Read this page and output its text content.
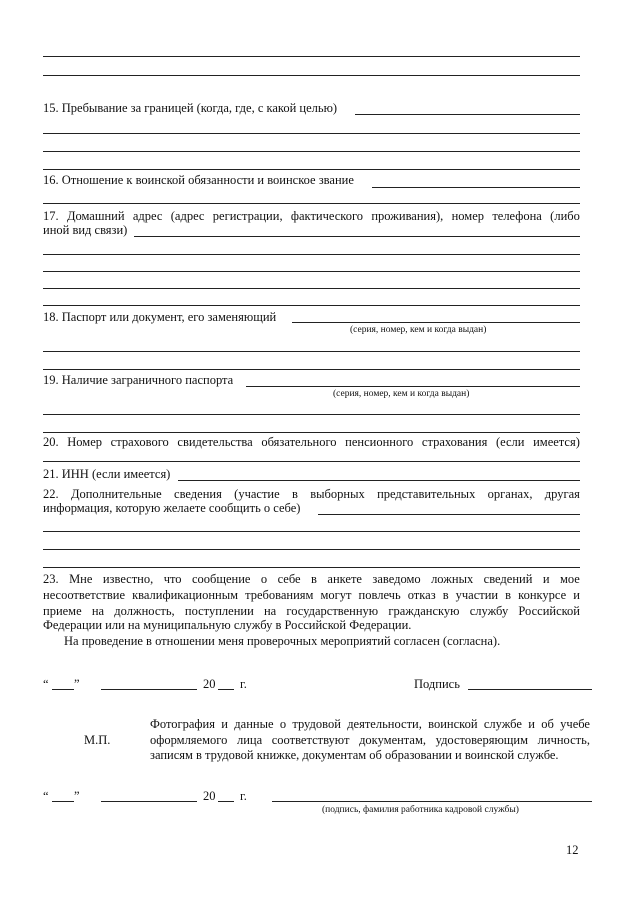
15. Пребывание за границей (когда, где, с какой целью)
16. Отношение к воинской обязанности и воинское звание
17. Домашний адрес (адрес регистрации, фактического проживания), номер телефона (либо
иной вид связи)
18. Паспорт или документ, его заменяющий
(серия, номер, кем и когда выдан)
19. Наличие заграничного паспорта
(серия, номер, кем и когда выдан)
20. Номер страхового свидетельства обязательного пенсионного страхования (если имеется)
21. ИНН (если имеется)
22. Дополнительные сведения (участие в выборных представительных органах, другая
информация, которую желаете сообщить о себе)
23. Мне известно, что сообщение о себе в анкете заведомо ложных сведений и мое
несоответствие квалификационным требованиям могут повлечь отказ в участии в конкурсе и
приеме на должность, поступлении на государственную гражданскую службу Российской
Федерации или на муниципальную службу в Российской Федерации.
На проведение в отношении меня проверочных мероприятий согласен (согласна).
“ ”	20 г.	Подпись
М.П.
Фотография и данные о трудовой деятельности, воинской службе и об учебе
оформляемого лица соответствуют документам, удостоверяющим личность,
записям в трудовой книжке, документам об образовании и воинской службе.
“ ”	20 г.
(подпись, фамилия работника кадровой службы)
12
